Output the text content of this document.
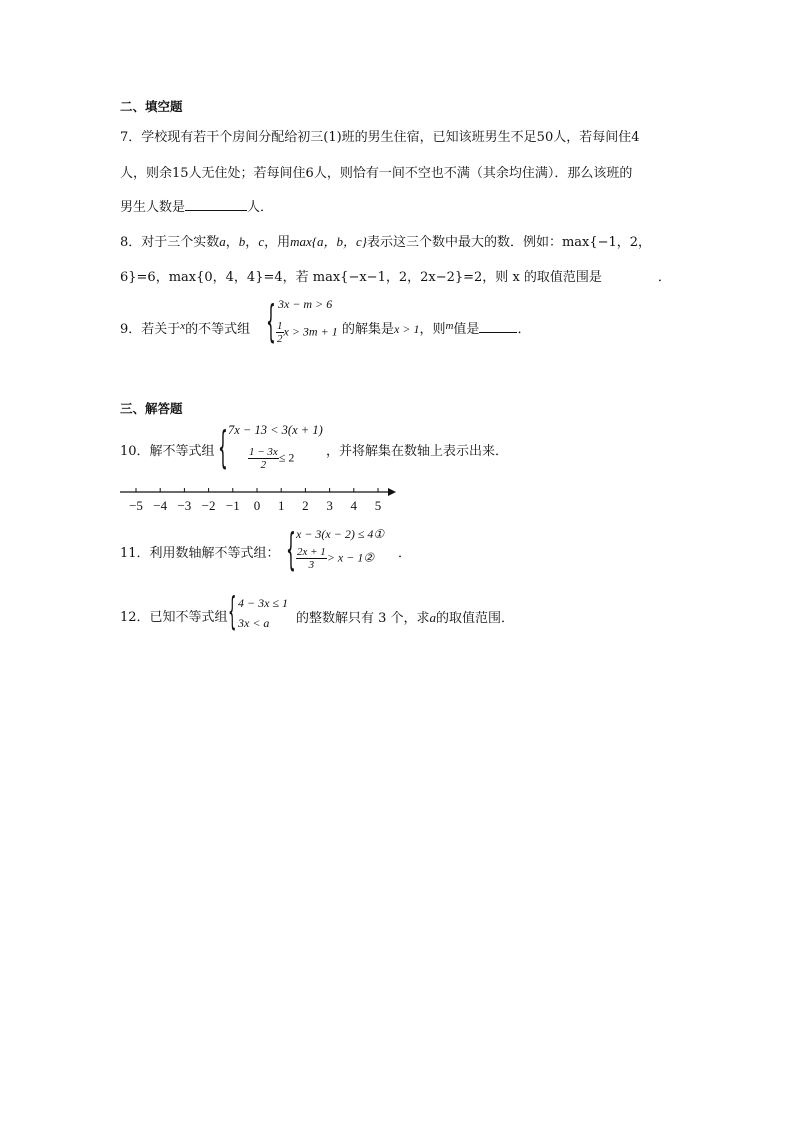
二、填空题
7．学校现有若干个房间分配给初三(1)班的男生住宿，已知该班男生不足50人，若每间住4
人，则余15人无住处；若每间住6人，则恰有一间不空也不满（其余均住满）．那么该班的
男生人数是	人．
8．对于三个实数a，b，c，用max{a，b，c}表示这三个数中最大的数．例如：max{−1，2，
6}=6，max{0，4，4}=4，若 max{−x−1，2，2x−2}=2，则 x 的取值范围是	．
9．若关于$^x$的不等式组 { 3x − m > 6
$\frac{1}{2}$ x > 3m + 1 的解集是x > 1，则$^m$值是	．
三、解答题
10．解不等式组 { 7x − 13 < 3(x + 1)
$\frac{1 - 3x}{2} \le 2$ ，并将解集在数轴上表示出来．
−5 −4 −3 −2 −1 0 1 2 3 4 5
11．利用数轴解不等式组： { x − 3(x − 2) ≤ 4①
$\frac{2x + 1}{3} > x$ − 1② ．
12．已知不等式组 { 4 − 3x ≤ 1
3x < a 的整数解只有 3 个，求a的取值范围．
